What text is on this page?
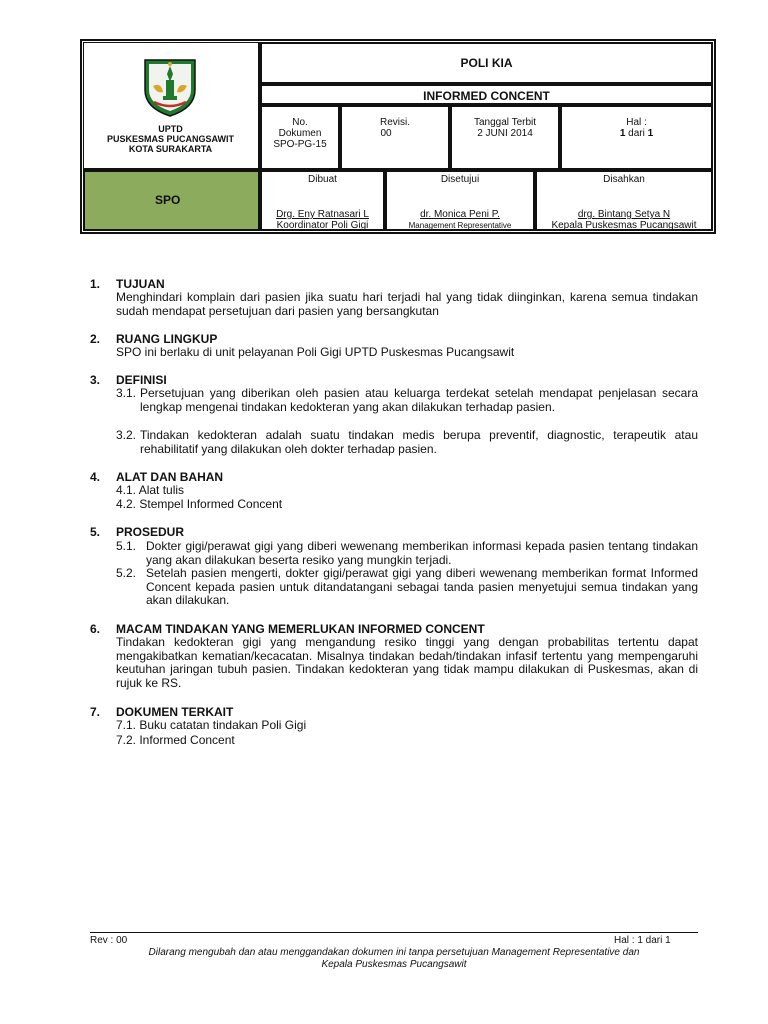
UPTD
PUSKESMAS PUCANGSAWIT
KOTA SURAKARTA
POLI KIA
INFORMED CONCENT
No.
Dokumen
SPO-PG-15
Revisi.
00
Tanggal Terbit
2 JUNI 2014
Hal :
1 dari 1
SPO
Dibuat
Drg. Eny Ratnasari L
Koordinator Poli Gigi
Disetujui
dr. Monica Peni P.
Management Representative
Disahkan
drg. Bintang Setya N
Kepala Puskesmas Pucangsawit
1. TUJUAN
Menghindari komplain dari pasien jika suatu hari terjadi hal yang tidak diinginkan, karena semua tindakan sudah mendapat persetujuan dari pasien yang bersangkutan
2. RUANG LINGKUP
SPO ini berlaku di unit pelayanan Poli Gigi UPTD Puskesmas Pucangsawit
3. DEFINISI
3.1. Persetujuan yang diberikan oleh pasien atau keluarga terdekat setelah mendapat penjelasan secara lengkap mengenai tindakan kedokteran yang akan dilakukan terhadap pasien.
3.2. Tindakan kedokteran adalah suatu tindakan medis berupa preventif, diagnostic, terapeutik atau rehabilitatif yang dilakukan oleh dokter terhadap pasien.
4. ALAT DAN BAHAN
4.1. Alat tulis
4.2. Stempel Informed Concent
5. PROSEDUR
5.1. Dokter gigi/perawat gigi yang diberi wewenang memberikan informasi kepada pasien tentang tindakan yang akan dilakukan beserta resiko yang mungkin terjadi.
5.2. Setelah pasien mengerti, dokter gigi/perawat gigi yang diberi wewenang memberikan format Informed Concent kepada pasien untuk ditandatangani sebagai tanda pasien menyetujui semua tindakan yang akan dilakukan.
6. MACAM TINDAKAN YANG MEMERLUKAN INFORMED CONCENT
Tindakan kedokteran gigi yang mengandung resiko tinggi yang dengan probabilitas tertentu dapat mengakibatkan kematian/kecacatan. Misalnya tindakan bedah/tindakan infasif tertentu yang mempengaruhi keutuhan jaringan tubuh pasien. Tindakan kedokteran yang tidak mampu dilakukan di Puskesmas, akan di rujuk ke RS.
7. DOKUMEN TERKAIT
7.1. Buku catatan tindakan Poli Gigi
7.2. Informed Concent
Rev : 00	Hal : 1 dari 1
Dilarang mengubah dan atau menggandakan dokumen ini tanpa persetujuan Management Representative dan
Kepala Puskesmas Pucangsawit
